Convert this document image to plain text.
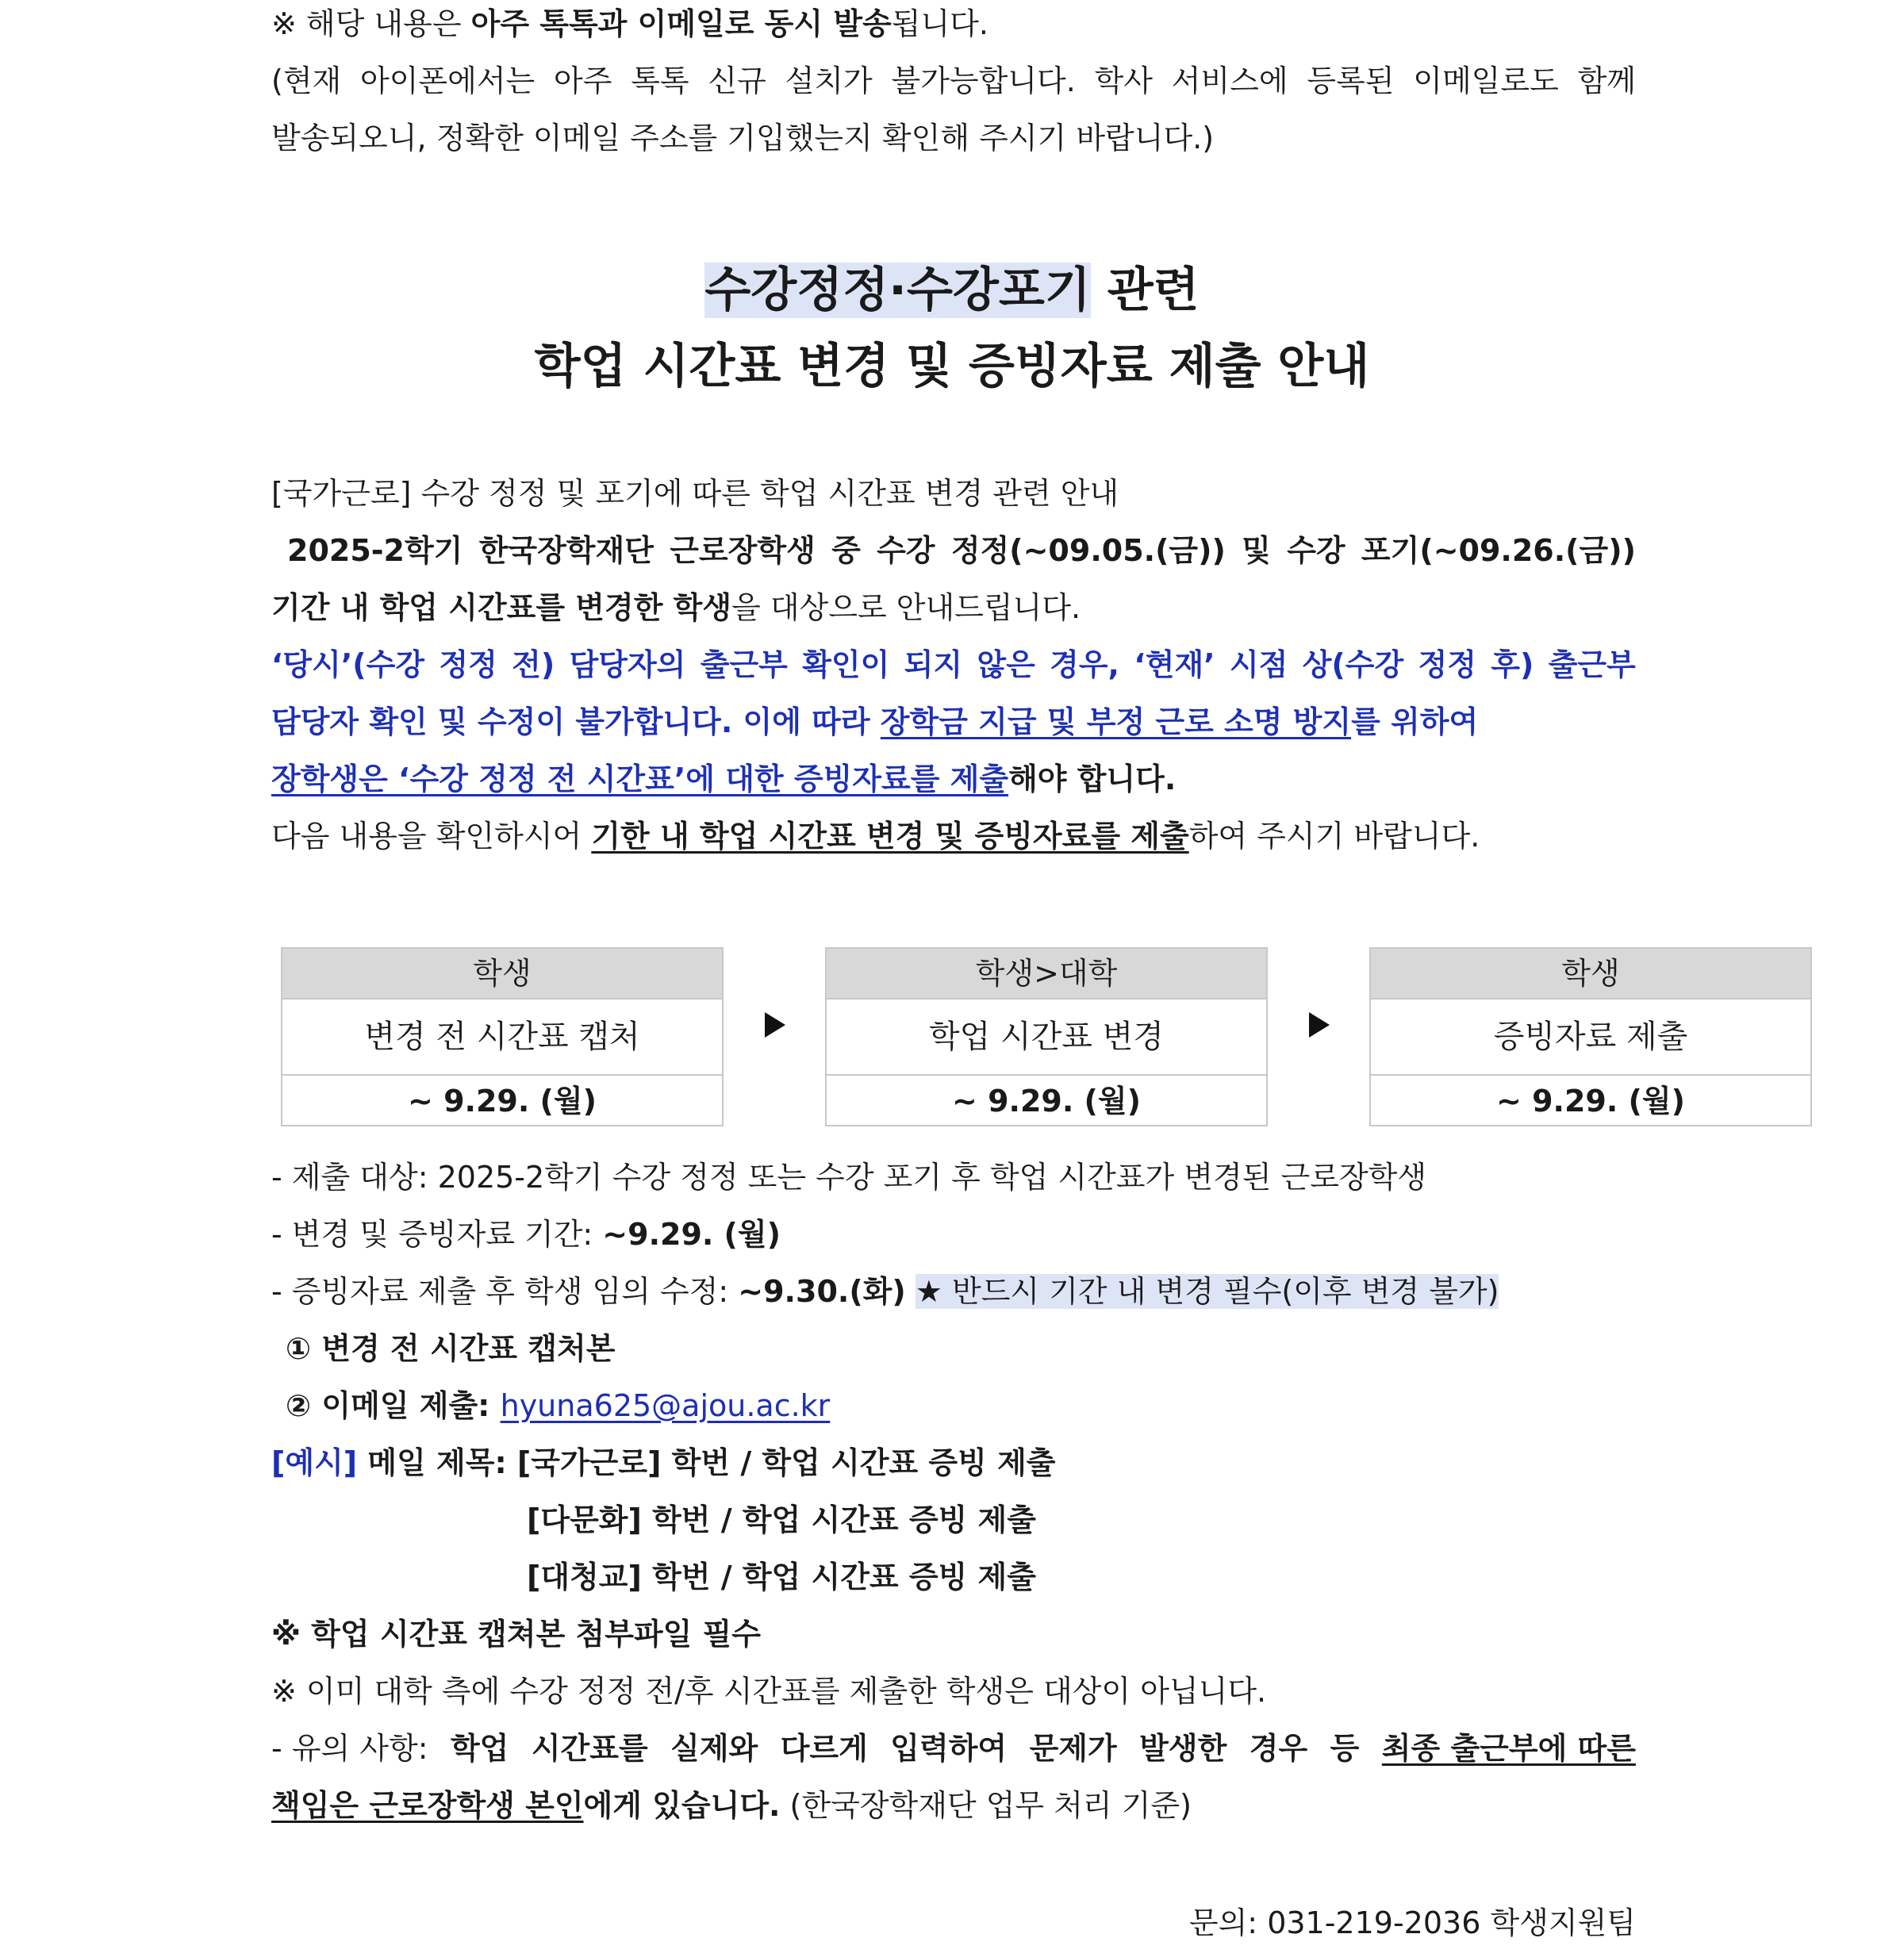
※ 해당 내용은 아주 톡톡과 이메일로 동시 발송됩니다.
(현재 아이폰에서는 아주 톡톡 신규 설치가 불가능합니다. 학사 서비스에 등록된 이메일로도 함께
발송되오니, 정확한 이메일 주소를 기입했는지 확인해 주시기 바랍니다.)
수강정정·수강포기 관련
학업 시간표 변경 및 증빙자료 제출 안내
[국가근로] 수강 정정 및 포기에 따른 학업 시간표 변경 관련 안내
2025-2학기 한국장학재단 근로장학생 중 수강 정정(~09.05.(금)) 및 수강 포기(~09.26.(금))
기간 내 학업 시간표를 변경한 학생을 대상으로 안내드립니다.
‘당시’(수강 정정 전) 담당자의 출근부 확인이 되지 않은 경우, ‘현재’ 시점 상(수강 정정 후) 출근부
담당자 확인 및 수정이 불가합니다. 이에 따라 장학금 지급 및 부정 근로 소명 방지를 위하여
장학생은 ‘수강 정정 전 시간표’에 대한 증빙자료를 제출해야 합니다.
다음 내용을 확인하시어 기한 내 학업 시간표 변경 및 증빙자료를 제출하여 주시기 바랍니다.
학생
변경 전 시간표 캡처
~ 9.29. (월)
학생>대학
학업 시간표 변경
~ 9.29. (월)
학생
증빙자료 제출
~ 9.29. (월)
- 제출 대상: 2025-2학기 수강 정정 또는 수강 포기 후 학업 시간표가 변경된 근로장학생
- 변경 및 증빙자료 기간: ~9.29. (월)
- 증빙자료 제출 후 학생 임의 수정: ~9.30.(화) ★ 반드시 기간 내 변경 필수(이후 변경 불가)
① 변경 전 시간표 캡처본
② 이메일 제출: hyuna625@ajou.ac.kr
[예시] 메일 제목: [국가근로] 학번 / 학업 시간표 증빙 제출
[다문화] 학번 / 학업 시간표 증빙 제출
[대청교] 학번 / 학업 시간표 증빙 제출
※ 학업 시간표 캡쳐본 첨부파일 필수
※ 이미 대학 측에 수강 정정 전/후 시간표를 제출한 학생은 대상이 아닙니다.
- 유의 사항: 학업 시간표를 실제와 다르게 입력하여 문제가 발생한 경우 등 최종 출근부에 따른
책임은 근로장학생 본인에게 있습니다. (한국장학재단 업무 처리 기준)
문의: 031-219-2036 학생지원팀
